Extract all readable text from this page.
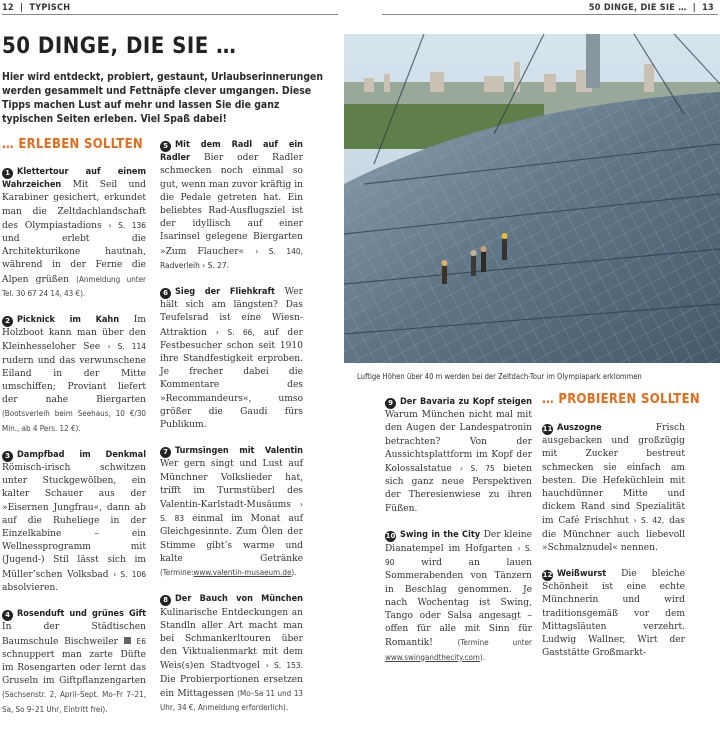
12 | TYPISCH	50 DINGE, DIE SIE … | 13
50 DINGE, DIE SIE …
Hier wird entdeckt, probiert, gestaunt, Urlaubserinnerungen werden gesammelt und Fettnäpfe clever umgangen. Diese Tipps machen Lust auf mehr und lassen Sie die ganz typischen Seiten erleben. Viel Spaß dabei!
… ERLEBEN SOLLTEN
1 Klettertour auf einem Wahrzeichen Mit Seil und Karabiner gesichert, erkundet man die Zeltdachlandschaft des Olympiastadions › S. 136 und erlebt die Architekturikone hautnah, während in der Ferne die Alpen grüßen (Anmeldung unter Tel. 30 67 24 14, 43 €).
2 Picknick im Kahn Im Holzboot kann man über den Kleinhesseloher See › S. 114 rudern und das verwunschene Eiland in der Mitte umschiffen; Proviant liefert der nahe Biergarten (Bootsverleih beim Seehaus, 10 €/30 Min., ab 4 Pers. 12 €).
3 Dampfbad im Denkmal Römisch-irisch schwitzen unter Stuckgewölben, ein kalter Schauer aus der »Eisernen Jungfrau«, dann ab auf die Ruheliege in der Einzelkabine – ein Wellnessprogramm mit (Jugend-) Stil lässt sich im Müller’schen Volksbad › S. 106 absolvieren.
4 Rosenduft und grünes Gift In der Städtischen Baumschule Bischweiler E6 schnuppert man zarte Düfte im Rosengarten oder lernt das Gruseln im Giftpflanzengarten (Sachsenstr. 2, April–Sept. Mo–Fr 7–21, Sa, So 9–21 Uhr, Eintritt frei).
5 Mit dem Radl auf ein Radler Bier oder Radler schmecken noch einmal so gut, wenn man zuvor kräftig in die Pedale getreten hat. Ein beliebtes Rad-Ausflugsziel ist der idyllisch auf einer Isarinsel gelegene Biergarten »Zum Flaucher« › S. 140, Radverleih › S. 27.
6 Sieg der Fliehkraft Wer hält sich am längsten? Das Teufelsrad ist eine Wiesn-Attraktion › S. 66, auf der Festbesucher schon seit 1910 ihre Standfestigkeit erproben. Je frecher dabei die Kommentare des »Recommandeurs«, umso größer die Gaudi fürs Publikum.
7 Turmsingen mit Valentin Wer gern singt und Lust auf Münchner Volkslieder hat, trifft im Turmstüberl des Valentin-Karlstadt-Musäums › S. 83 einmal im Monat auf Gleichgesinnte. Zum Ölen der Stimme gibt’s warme und kalte Getränke (Termine:www.valentin-musaeum.de).
8 Der Bauch von München Kulinarische Entdeckungen an Standln aller Art macht man bei Schmankerltouren über den Viktualienmarkt mit dem Weis(s)en Stadtvogel › S. 153. Die Probierportionen ersetzen ein Mittagessen (Mo–Sa 11 und 13 Uhr, 34 €, Anmeldung erforderlich).
Luftige Höhen über 40 m werden bei der Zeltdach-Tour im Olympiapark erklommen
9 Der Bavaria zu Kopf steigen Warum München nicht mal mit den Augen der Landespatronin betrachten? Von der Aussichtsplattform im Kopf der Kolossalstatue › S. 75 bieten sich ganz neue Perspektiven der Theresienwiese zu ihren Füßen.
10 Swing in the City Der kleine Dianatempel im Hofgarten › S. 90	wird an lauen Sommerabenden von Tänzern in Beschlag genommen. Je nach Wochentag ist Swing, Tango oder Salsa angesagt – offen für alle mit Sinn für Romantik!	(Termine unter www.swingandthecity.com).
… PROBIEREN SOLLTEN
11 Auszogne	Frisch ausgebacken und großzügig mit Zucker bestreut schmecken sie einfach am besten. Die Hefeküchlein mit hauchdünner Mitte und dickem Rand sind Spezialität im Café Frischhut › S. 42, das die Münchner auch liebevoll »Schmalznudel« nennen.
12 Weißwurst Die bleiche Schönheit ist eine echte Münchnerin und wird traditionsgemäß vor dem Mittagsläuten verzehrt. Ludwig Wallner, Wirt der Gaststätte Großmarkt-
